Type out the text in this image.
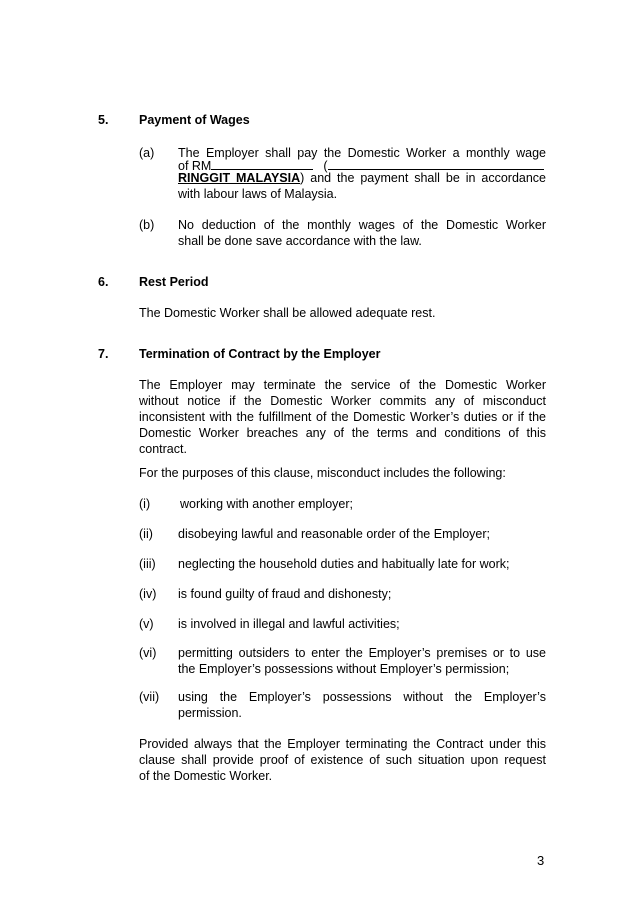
5. Payment of Wages
(a) The Employer shall pay the Domestic Worker a monthly wage
of RM	(
RINGGIT MALAYSIA) and the payment shall be in accordance
with labour laws of Malaysia.
(b) No deduction of the monthly wages of the Domestic Worker
shall be done save accordance with the law.
6. Rest Period
The Domestic Worker shall be allowed adequate rest.
7. Termination of Contract by the Employer
The Employer may terminate the service of the Domestic Worker
without notice if the Domestic Worker commits any of misconduct
inconsistent with the fulfillment of the Domestic Worker’s duties or if the
Domestic Worker breaches any of the terms and conditions of this
contract.
For the purposes of this clause, misconduct includes the following:
(i) working with another employer;
(ii) disobeying lawful and reasonable order of the Employer;
(iii) neglecting the household duties and habitually late for work;
(iv) is found guilty of fraud and dishonesty;
(v) is involved in illegal and lawful activities;
(vi) permitting outsiders to enter the Employer’s premises or to use
the Employer’s possessions without Employer’s permission;
(vii) using the Employer’s possessions without the Employer’s
permission.
Provided always that the Employer terminating the Contract under this
clause shall provide proof of existence of such situation upon request
of the Domestic Worker.
3
